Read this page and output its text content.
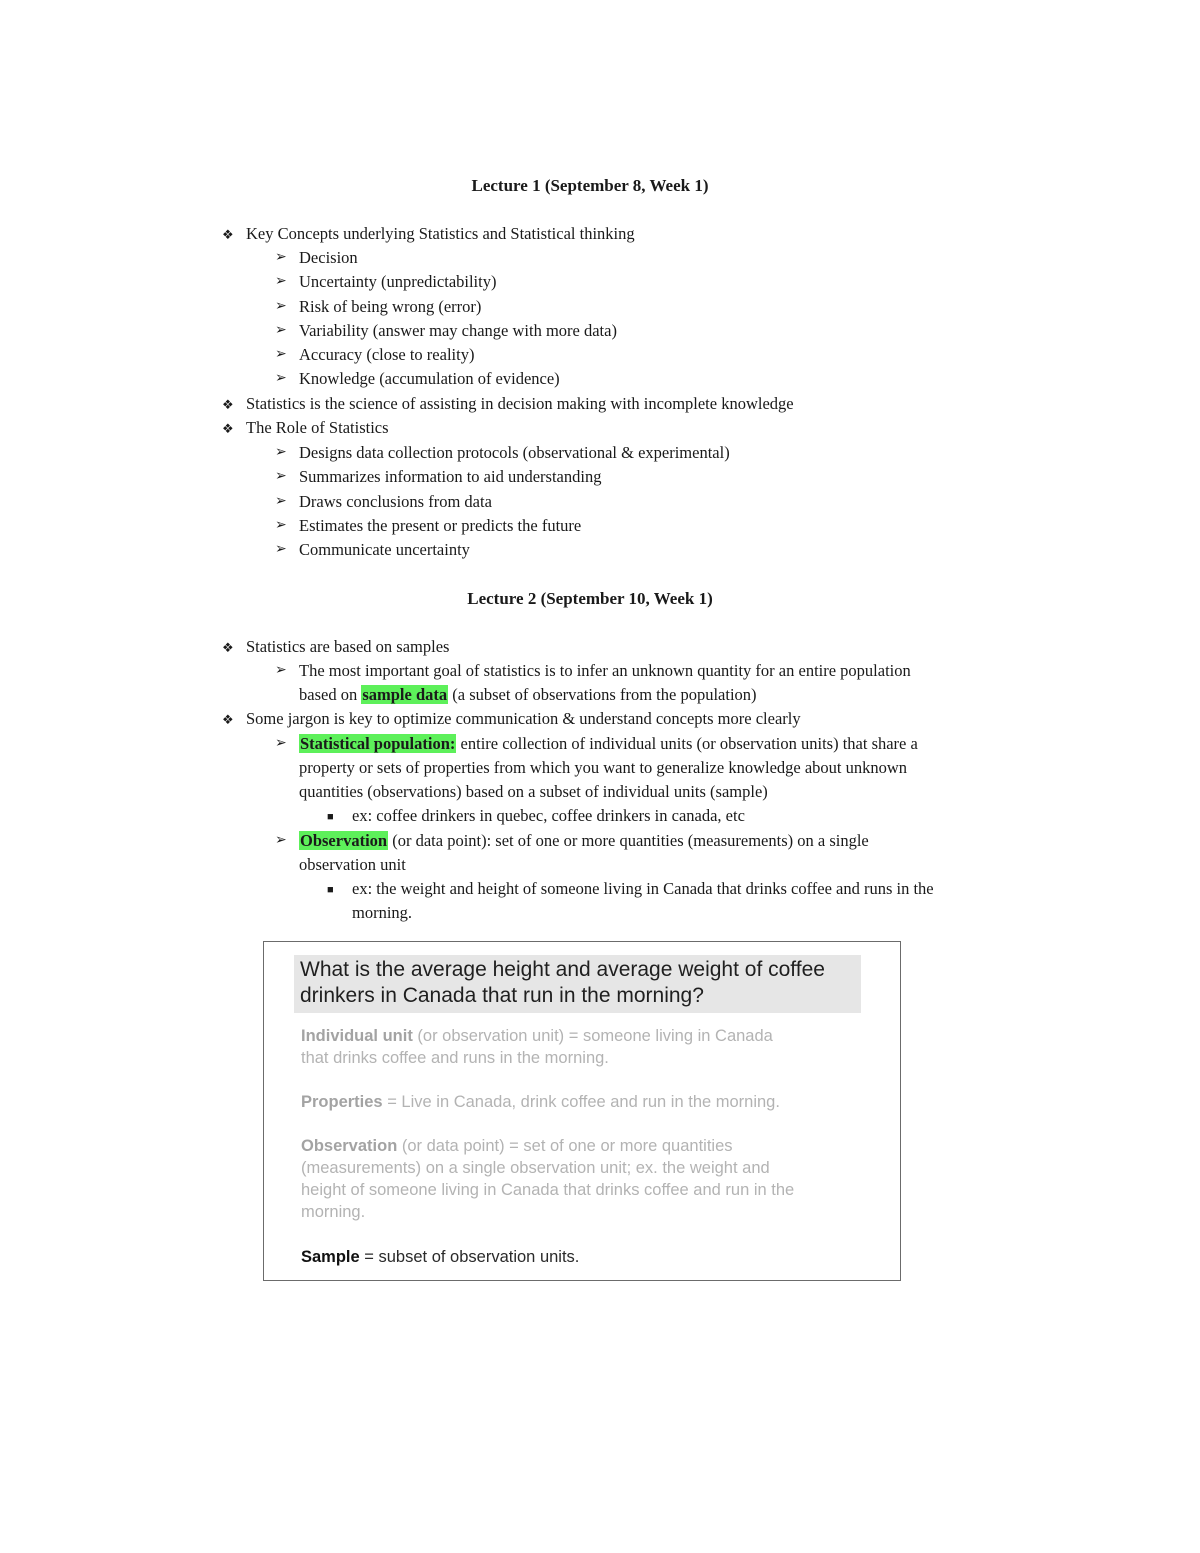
Lecture 1 (September 8, Week 1)
❖ Key Concepts underlying Statistics and Statistical thinking
➢ Decision
➢ Uncertainty (unpredictability)
➢ Risk of being wrong (error)
➢ Variability (answer may change with more data)
➢ Accuracy (close to reality)
➢ Knowledge (accumulation of evidence)
❖ Statistics is the science of assisting in decision making with incomplete knowledge
❖ The Role of Statistics
➢ Designs data collection protocols (observational & experimental)
➢ Summarizes information to aid understanding
➢ Draws conclusions from data
➢ Estimates the present or predicts the future
➢ Communicate uncertainty
Lecture 2 (September 10, Week 1)
❖ Statistics are based on samples
➢ The most important goal of statistics is to infer an unknown quantity for an entire population
based on sample data (a subset of observations from the population)
❖ Some jargon is key to optimize communication & understand concepts more clearly
➢ Statistical population: entire collection of individual units (or observation units) that share a
property or sets of properties from which you want to generalize knowledge about unknown
quantities (observations) based on a subset of individual units (sample)
■ ex: coffee drinkers in quebec, coffee drinkers in canada, etc
➢ Observation (or data point): set of one or more quantities (measurements) on a single
observation unit
■ ex: the weight and height of someone living in Canada that drinks coffee and runs in the
morning.
What is the average height and average weight of coffee
drinkers in Canada that run in the morning?
Individual unit (or observation unit) = someone living in Canada
that drinks coffee and runs in the morning.
Properties = Live in Canada, drink coffee and run in the morning.
Observation (or data point) = set of one or more quantities
(measurements) on a single observation unit; ex. the weight and
height of someone living in Canada that drinks coffee and run in the
morning.
Sample = subset of observation units.
